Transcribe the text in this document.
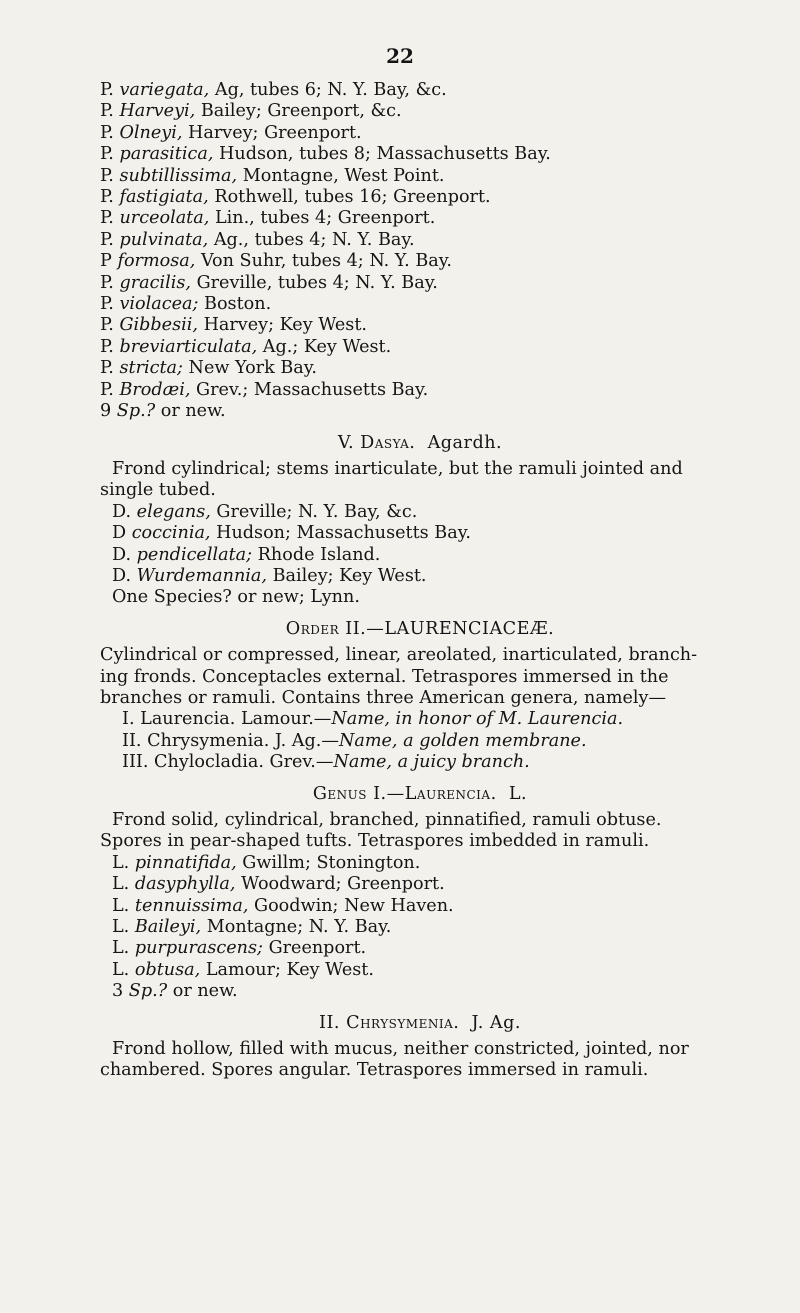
22
P. variegata, Ag, tubes 6; N. Y. Bay, &c.
P. Harveyi, Bailey; Greenport, &c.
P. Olneyi, Harvey; Greenport.
P. parasitica, Hudson, tubes 8; Massachusetts Bay.
P. subtillissima, Montagne, West Point.
P. fastigiata, Rothwell, tubes 16; Greenport.
P. urceolata, Lin., tubes 4; Greenport.
P. pulvinata, Ag., tubes 4; N. Y. Bay.
P formosa, Von Suhr, tubes 4; N. Y. Bay.
P. gracilis, Greville, tubes 4; N. Y. Bay.
P. violacea; Boston.
P. Gibbesii, Harvey; Key West.
P. breviarticulata, Ag.; Key West.
P. stricta; New York Bay.
P. Brodæi, Grev.; Massachusetts Bay.
9 Sp.? or new.
V. Dasya. Agardh.
Frond cylindrical; stems inarticulate, but the ramuli jointed and
single tubed.
D. elegans, Greville; N. Y. Bay, &c.
D coccinia, Hudson; Massachusetts Bay.
D. pendicellata; Rhode Island.
D. Wurdemannia, Bailey; Key West.
One Species? or new; Lynn.
Order II.—LAURENCIACEÆ.
Cylindrical or compressed, linear, areolated, inarticulated, branch-
ing fronds. Conceptacles external. Tetraspores immersed in the
branches or ramuli. Contains three American genera, namely—
I. Laurencia. Lamour.—Name, in honor of M. Laurencia.
II. Chrysymenia. J. Ag.—Name, a golden membrane.
III. Chylocladia. Grev.—Name, a juicy branch.
Genus I.—Laurencia. L.
Frond solid, cylindrical, branched, pinnatified, ramuli obtuse.
Spores in pear-shaped tufts. Tetraspores imbedded in ramuli.
L. pinnatifida, Gwillm; Stonington.
L. dasyphylla, Woodward; Greenport.
L. tennuissima, Goodwin; New Haven.
L. Baileyi, Montagne; N. Y. Bay.
L. purpurascens; Greenport.
L. obtusa, Lamour; Key West.
3 Sp.? or new.
II. Chrysymenia. J. Ag.
Frond hollow, filled with mucus, neither constricted, jointed, nor
chambered. Spores angular. Tetraspores immersed in ramuli.
